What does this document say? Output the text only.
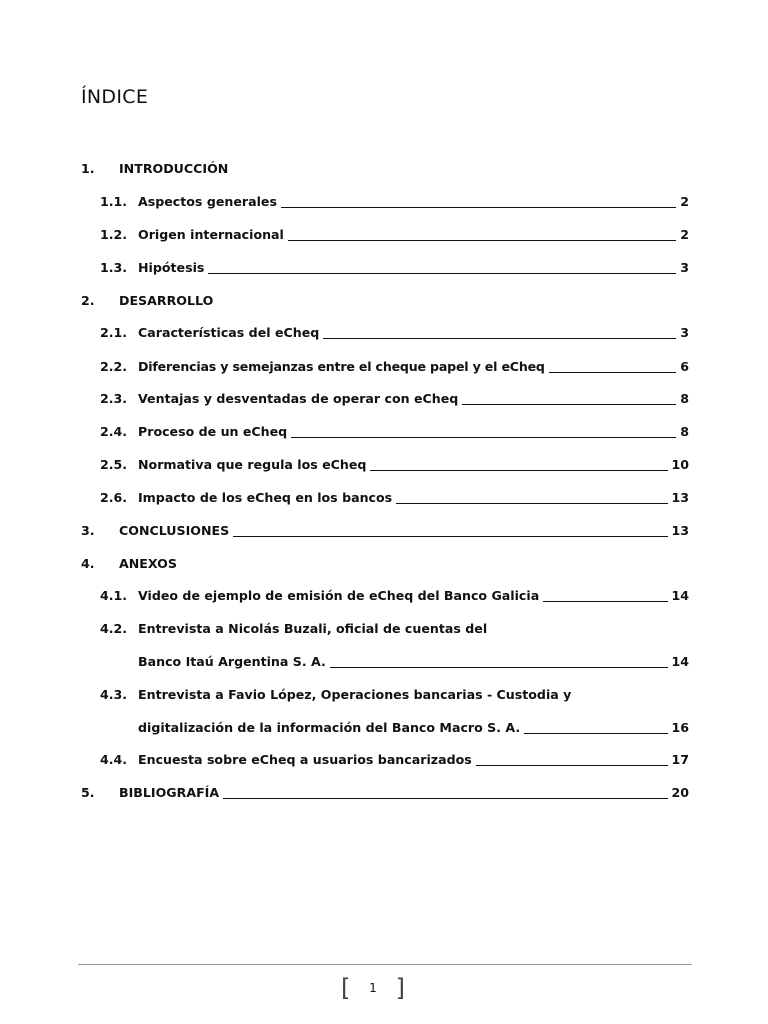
ÍNDICE
1.	INTRODUCCIÓN
1.1. Aspectos generales	2
1.2. Origen internacional	2
1.3. Hipótesis	3
2.	DESARROLLO
2.1. Características del eCheq	3
2.2. Diferencias y semejanzas entre el cheque papel y el eCheq	6
2.3. Ventajas y desventadas de operar con eCheq	8
2.4. Proceso de un eCheq	8
2.5. Normativa que regula los eCheq	10
2.6. Impacto de los eCheq en los bancos	13
3.	CONCLUSIONES	13
4.	ANEXOS
4.1. Video de ejemplo de emisión de eCheq del Banco Galicia	14
4.2. Entrevista a Nicolás Buzali, oficial de cuentas del
Banco Itaú Argentina S. A.	14
4.3. Entrevista a Favio López, Operaciones bancarias - Custodia y
digitalización de la información del Banco Macro S. A.	16
4.4. Encuesta sobre eCheq a usuarios bancarizados	17
5.	BIBLIOGRAFÍA	20
[ 1 ]
